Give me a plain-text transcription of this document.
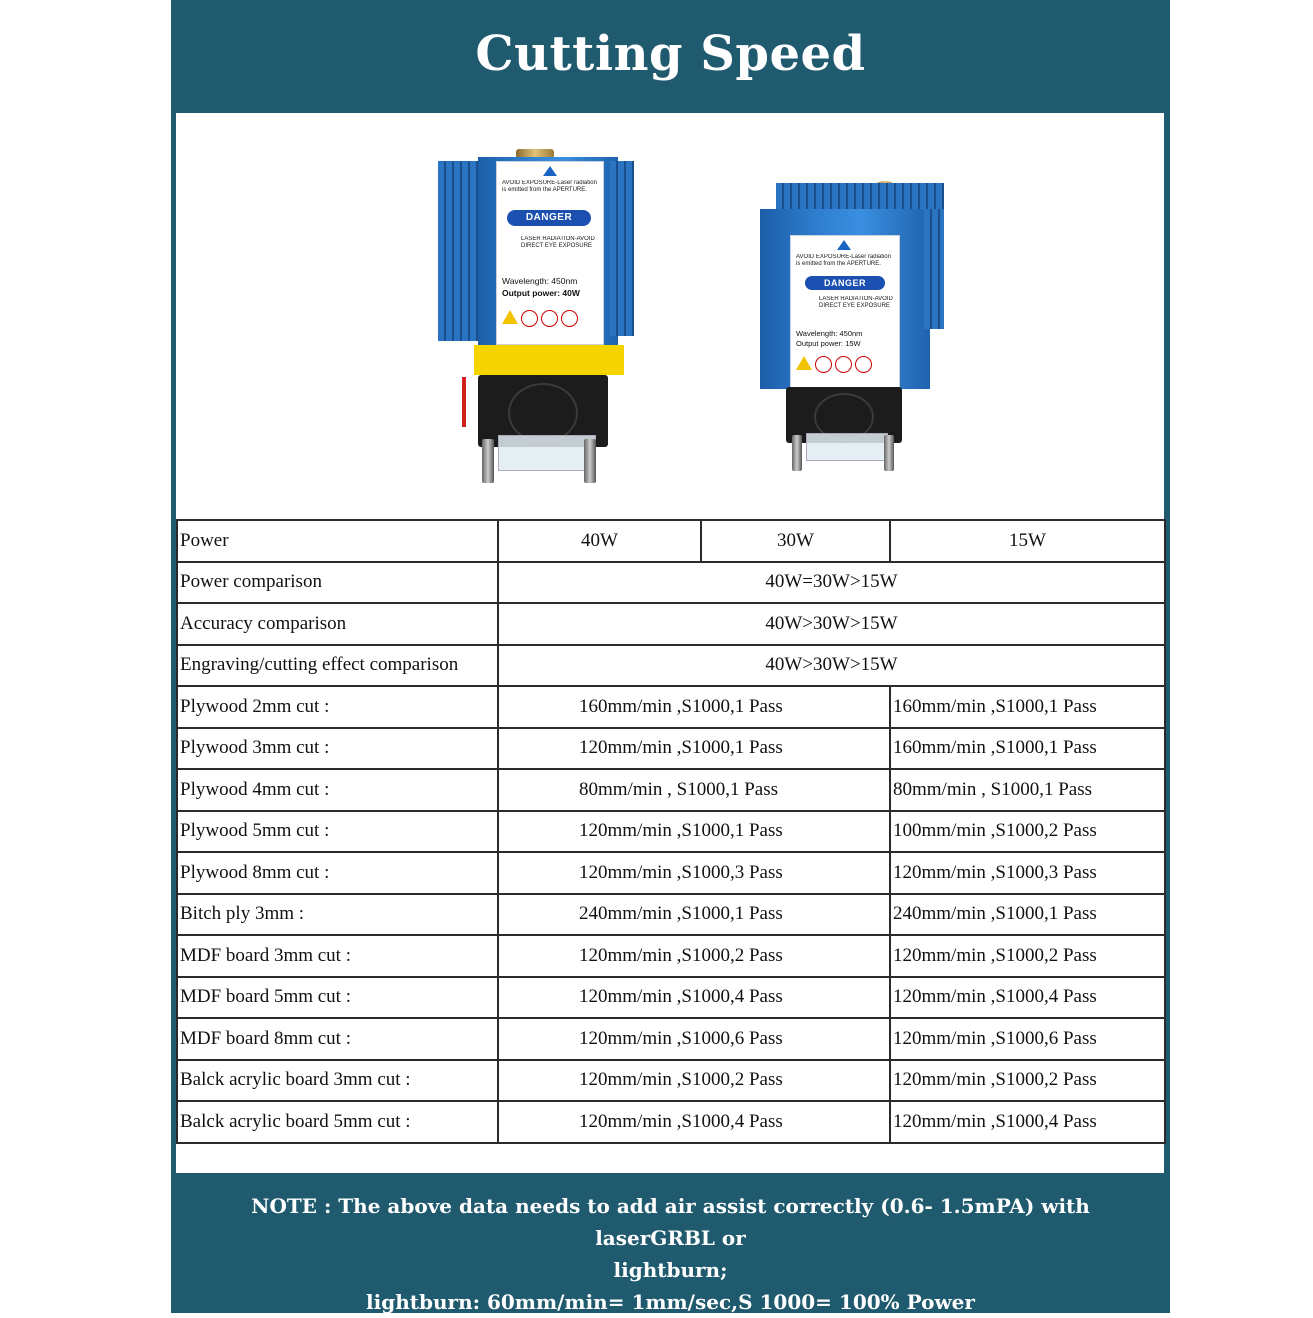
Cutting Speed
AVOID EXPOSURE-Laser radiation is emitted from the APERTURE.
DANGER
LASER RADIATION-AVOID DIRECT EYE EXPOSURE
Wavelength: 450nm
Output power: 40W
AVOID EXPOSURE-Laser radiation is emitted from the APERTURE.
DANGER
LASER RADIATION-AVOID DIRECT EYE EXPOSURE
Wavelength: 450nm
Output power: 15W
Power	40W	30W	15W
Power comparison	40W=30W>15W		
Accuracy comparison	40W>30W>15W		
Engraving/cutting effect comparison	40W>30W>15W		
Plywood 2mm cut :	160mm/min ,S1000,1 Pass		160mm/min ,S1000,1 Pass
Plywood 3mm cut :	120mm/min ,S1000,1 Pass		160mm/min ,S1000,1 Pass
Plywood 4mm cut :	80mm/min , S1000,1 Pass		80mm/min , S1000,1 Pass
Plywood 5mm cut :	120mm/min ,S1000,1 Pass		100mm/min ,S1000,2 Pass
Plywood 8mm cut :	120mm/min ,S1000,3 Pass		120mm/min ,S1000,3 Pass
Bitch ply 3mm :	240mm/min ,S1000,1 Pass		240mm/min ,S1000,1 Pass
MDF board 3mm cut :	120mm/min ,S1000,2 Pass		120mm/min ,S1000,2 Pass
MDF board 5mm cut :	120mm/min ,S1000,4 Pass		120mm/min ,S1000,4 Pass
MDF board 8mm cut :	120mm/min ,S1000,6 Pass		120mm/min ,S1000,6 Pass
Balck acrylic board 3mm cut :	120mm/min ,S1000,2 Pass		120mm/min ,S1000,2 Pass
Balck acrylic board 5mm cut :	120mm/min ,S1000,4 Pass		120mm/min ,S1000,4 Pass
NOTE : The above data needs to add air assist correctly (0.6- 1.5mPA) with laserGRBL or
lightburn;
lightburn: 60mm/min= 1mm/sec,S 1000= 100% Power
